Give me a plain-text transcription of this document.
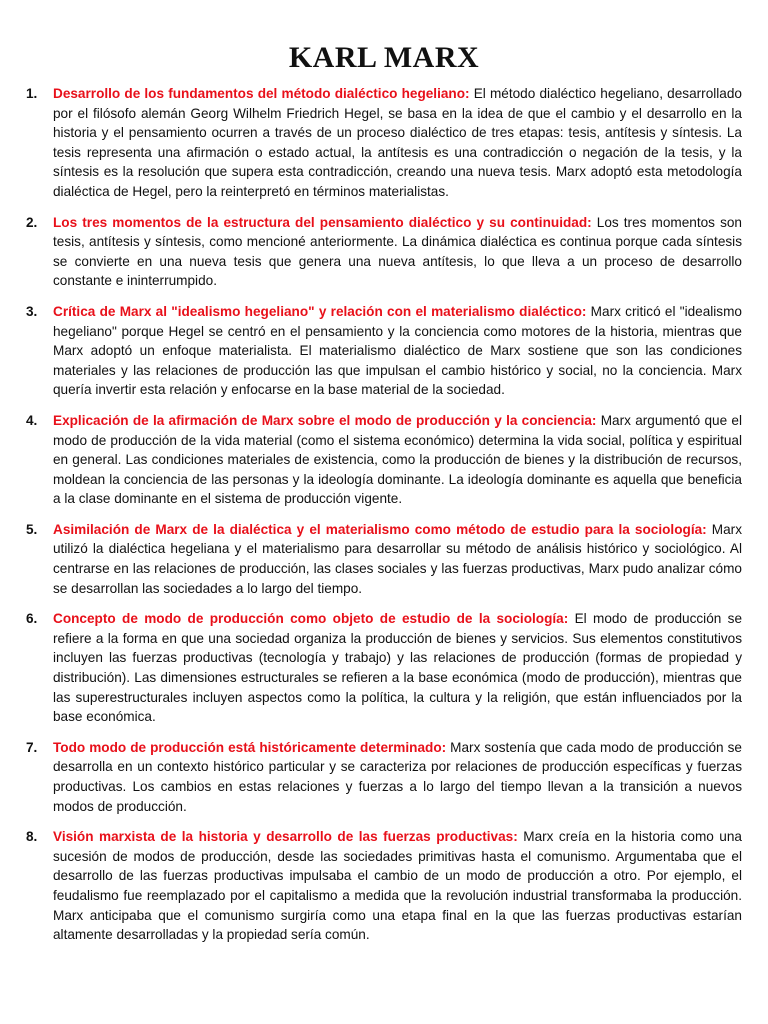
KARL MARX
1. Desarrollo de los fundamentos del método dialéctico hegeliano: El método dialéctico hegeliano, desarrollado por el filósofo alemán Georg Wilhelm Friedrich Hegel, se basa en la idea de que el cambio y el desarrollo en la historia y el pensamiento ocurren a través de un proceso dialéctico de tres etapas: tesis, antítesis y síntesis. La tesis representa una afirmación o estado actual, la antítesis es una contradicción o negación de la tesis, y la síntesis es la resolución que supera esta contradicción, creando una nueva tesis. Marx adoptó esta metodología dialéctica de Hegel, pero la reinterpretó en términos materialistas.
2. Los tres momentos de la estructura del pensamiento dialéctico y su continuidad: Los tres momentos son tesis, antítesis y síntesis, como mencioné anteriormente. La dinámica dialéctica es continua porque cada síntesis se convierte en una nueva tesis que genera una nueva antítesis, lo que lleva a un proceso de desarrollo constante e ininterrumpido.
3. Crítica de Marx al "idealismo hegeliano" y relación con el materialismo dialéctico: Marx criticó el "idealismo hegeliano" porque Hegel se centró en el pensamiento y la conciencia como motores de la historia, mientras que Marx adoptó un enfoque materialista. El materialismo dialéctico de Marx sostiene que son las condiciones materiales y las relaciones de producción las que impulsan el cambio histórico y social, no la conciencia. Marx quería invertir esta relación y enfocarse en la base material de la sociedad.
4. Explicación de la afirmación de Marx sobre el modo de producción y la conciencia: Marx argumentó que el modo de producción de la vida material (como el sistema económico) determina la vida social, política y espiritual en general. Las condiciones materiales de existencia, como la producción de bienes y la distribución de recursos, moldean la conciencia de las personas y la ideología dominante. La ideología dominante es aquella que beneficia a la clase dominante en el sistema de producción vigente.
5. Asimilación de Marx de la dialéctica y el materialismo como método de estudio para la sociología: Marx utilizó la dialéctica hegeliana y el materialismo para desarrollar su método de análisis histórico y sociológico. Al centrarse en las relaciones de producción, las clases sociales y las fuerzas productivas, Marx pudo analizar cómo se desarrollan las sociedades a lo largo del tiempo.
6. Concepto de modo de producción como objeto de estudio de la sociología: El modo de producción se refiere a la forma en que una sociedad organiza la producción de bienes y servicios. Sus elementos constitutivos incluyen las fuerzas productivas (tecnología y trabajo) y las relaciones de producción (formas de propiedad y distribución). Las dimensiones estructurales se refieren a la base económica (modo de producción), mientras que las superestructurales incluyen aspectos como la política, la cultura y la religión, que están influenciados por la base económica.
7. Todo modo de producción está históricamente determinado: Marx sostenía que cada modo de producción se desarrolla en un contexto histórico particular y se caracteriza por relaciones de producción específicas y fuerzas productivas. Los cambios en estas relaciones y fuerzas a lo largo del tiempo llevan a la transición a nuevos modos de producción.
8. Visión marxista de la historia y desarrollo de las fuerzas productivas: Marx creía en la historia como una sucesión de modos de producción, desde las sociedades primitivas hasta el comunismo. Argumentaba que el desarrollo de las fuerzas productivas impulsaba el cambio de un modo de producción a otro. Por ejemplo, el feudalismo fue reemplazado por el capitalismo a medida que la revolución industrial transformaba la producción. Marx anticipaba que el comunismo surgiría como una etapa final en la que las fuerzas productivas estarían altamente desarrolladas y la propiedad sería común.
